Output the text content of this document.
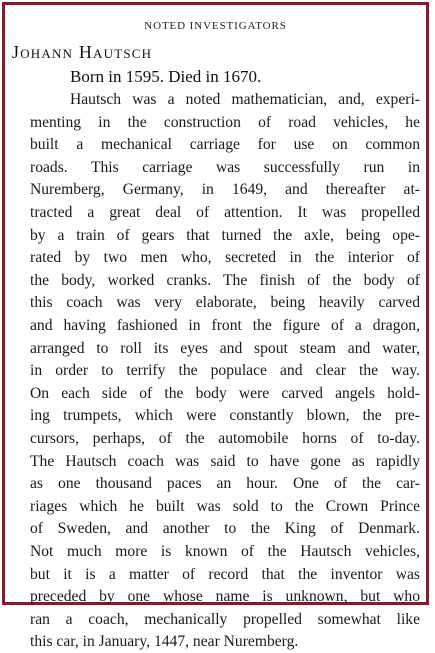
NOTED INVESTIGATORS
Johann Hautsch
Born in 1595. Died in 1670.
Hautsch was a noted mathematician, and, experi-
menting in the construction of road vehicles, he
built a mechanical carriage for use on common
roads. This carriage was successfully run in
Nuremberg, Germany, in 1649, and thereafter at-
tracted a great deal of attention. It was propelled
by a train of gears that turned the axle, being ope-
rated by two men who, secreted in the interior of
the body, worked cranks. The finish of the body of
this coach was very elaborate, being heavily carved
and having fashioned in front the figure of a dragon,
arranged to roll its eyes and spout steam and water,
in order to terrify the populace and clear the way.
On each side of the body were carved angels hold-
ing trumpets, which were constantly blown, the pre-
cursors, perhaps, of the automobile horns of to-day.
The Hautsch coach was said to have gone as rapidly
as one thousand paces an hour. One of the car-
riages which he built was sold to the Crown Prince
of Sweden, and another to the King of Denmark.
Not much more is known of the Hautsch vehicles,
but it is a matter of record that the inventor was
preceded by one whose name is unknown, but who
ran a coach, mechanically propelled somewhat like
this car, in January, 1447, near Nuremberg.
